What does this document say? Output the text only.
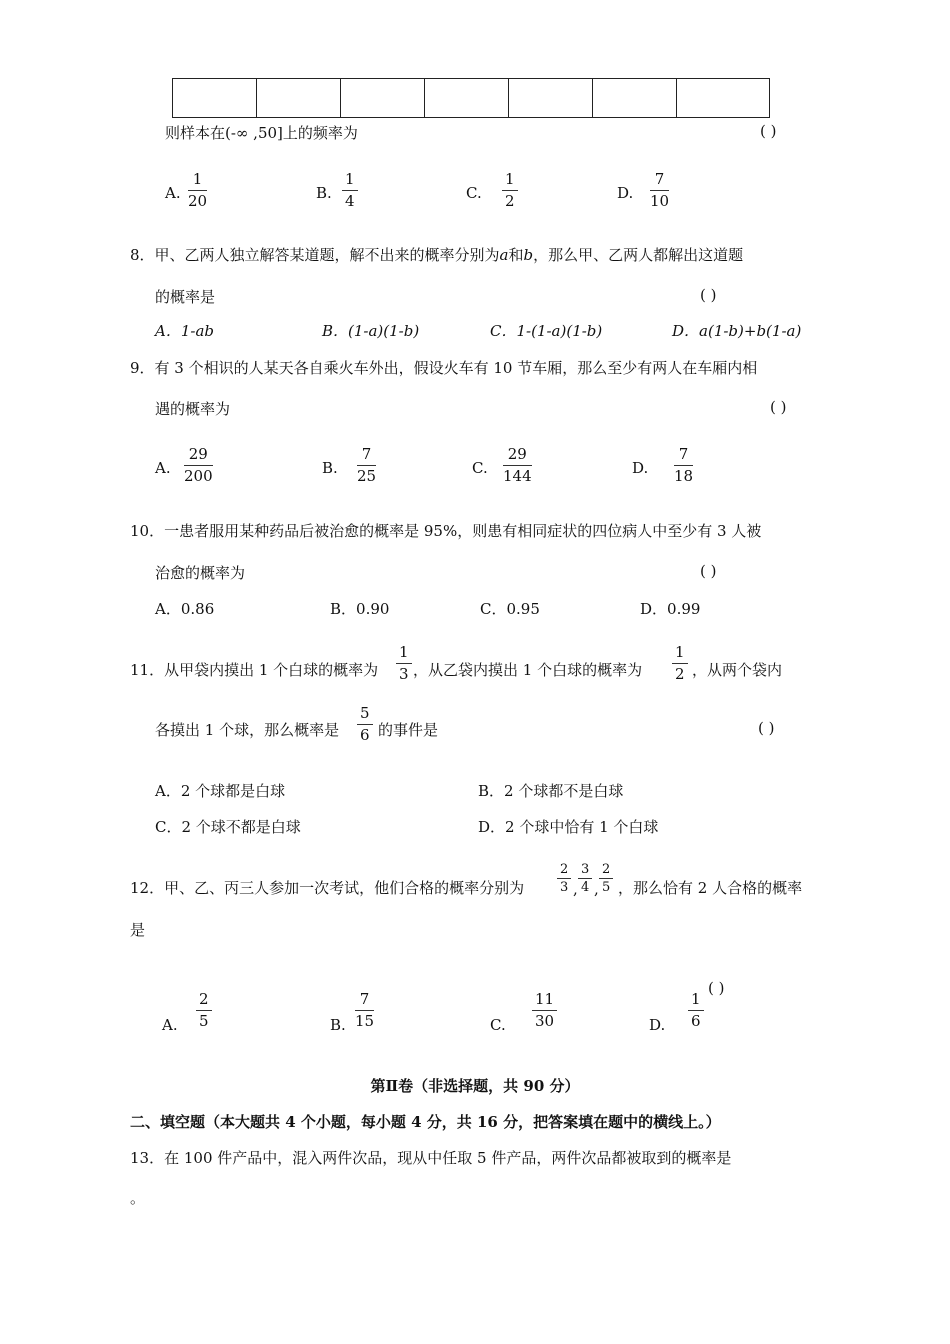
则样本在(-∞ ,50]上的频率为	( )
A.
1
20	B.
1
4	C.
1
2	D.
7
10
8．甲、乙两人独立解答某道题，解不出来的概率分别为a和b，那么甲、乙两人都解出这道题
的概率是	( )
A．1-ab	B．(1-a)(1-b)	C．1-(1-a)(1-b)	D．a(1-b)+b(1-a)
9．有 3 个相识的人某天各自乘火车外出，假设火车有 10 节车厢，那么至少有两人在车厢内相
遇的概率为	( )
A.
29
200	B.
7
25	C.
29
144	D.
7
18
10．一患者服用某种药品后被治愈的概率是 95%，则患有相同症状的四位病人中至少有 3 人被
治愈的概率为	( )
A．0.86	B．0.90	C．0.95	D．0.99
11．从甲袋内摸出 1 个白球的概率为
1
3 ，从乙袋内摸出 1 个白球的概率为
1
2 ，从两个袋内
各摸出 1 个球，那么概率是
5
6 的事件是	( )
A．2 个球都是白球	B．2 个球都不是白球
C．2 个球不都是白球	D．2 个球中恰有 1 个白球
12．甲、乙、丙三人参加一次考试，他们合格的概率分别为
2
3 ,
3
4 ,
2
5 ，那么恰有 2 人合格的概率
是
( )
A.
2
5	B.
7
15	C.
11
30	D.
1
6
第Ⅱ卷（非选择题，共 90 分）
二、填空题（本大题共 4 个小题，每小题 4 分，共 16 分，把答案填在题中的横线上。）
13．在 100 件产品中，混入两件次品，现从中任取 5 件产品，两件次品都被取到的概率是
。
